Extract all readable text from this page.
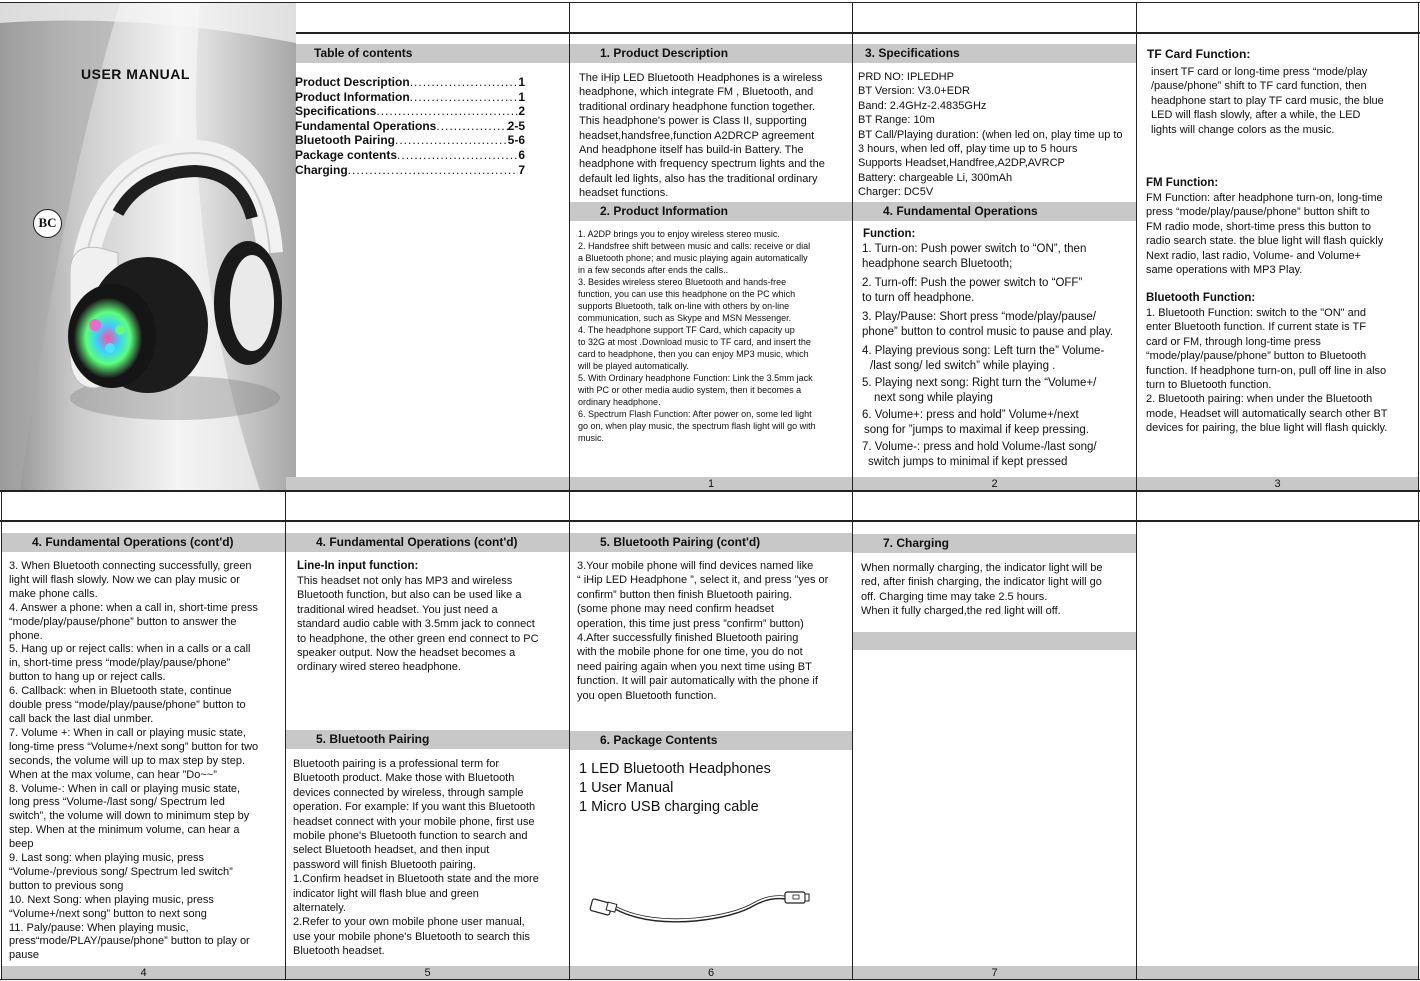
USER MANUAL
BC
1	2	3
4	5	6	7
Table of contents
Product Description .....	1
Product Information .....	1
Specifications .....	2
Fundamental Operations .....	2-5
Bluetooth Pairing .....	5-6
Package contents .....	6
Charging .....	7
1. Product Description
The iHip LED Bluetooth Headphones is a wireless
headphone, which integrate FM , Bluetooth, and
traditional ordinary headphone function together.
This headphone's power is Class II, supporting
headset,handsfree,function A2DRCP agreement
And headphone itself has build-in Battery. The
headphone with frequency spectrum lights and the
default led lights, also has the traditional ordinary
headset functions.
2. Product Information
1. A2DP brings you to enjoy wireless stereo music.
2. Handsfree shift between music and calls: receive or dial
a Bluetooth phone; and music playing again automatically
in a few seconds after ends the calls..
3. Besides wireless stereo Bluetooth and hands-free
function, you can use this headphone on the PC which
supports Bluetooth, talk on-line with others by on-line
communication, such as Skype and MSN Messenger.
4. The headphone support TF Card, which capacity up
to 32G at most .Download music to TF card, and insert the
card to headphone, then you can enjoy MP3 music, which
will be played automatically.
5. With Ordinary headphone Function: Link the 3.5mm jack
with PC or other media audio system, then it becomes a
ordinary headphone.
6. Spectrum Flash Function: After power on, some led light
go on, when play music, the spectrum flash light will go with
music.
3. Specifications
PRD NO: IPLEDHP
BT Version: V3.0+EDR
Band: 2.4GHz-2.4835GHz
BT Range: 10m
BT Call/Playing duration: (when led on, play time up to
3 hours, when led off, play time up to 5 hours
Supports Headset,Handfree,A2DP,AVRCP
Battery: chargeable Li, 300mAh
Charger: DC5V
4. Fundamental Operations
Function:
1. Turn-on: Push power switch to “ON”, then
headphone search Bluetooth;
2. Turn-off: Push the power switch to “OFF”
to turn off headphone.
3. Play/Pause: Short press “mode/play/pause/
phone” button to control music to pause and play.
4. Playing previous song: Left turn the” Volume-
/last song/ led switch” while playing .
5. Playing next song: Right turn the “Volume+/
next song while playing
6. Volume+: press and hold” Volume+/next
song for ”jumps to maximal if keep pressing.
7. Volume-: press and hold Volume-/last song/
switch jumps to minimal if kept pressed
TF Card Function:
insert TF card or long-time press “mode/play
/pause/phone” shift to TF card function, then
headphone start to play TF card music, the blue
LED will flash slowly, after a while, the LED
lights will change colors as the music.
FM Function:
FM Function: after headphone turn-on, long-time
press “mode/play/pause/phone” button shift to
FM radio mode, short-time press this button to
radio search state. the blue light will flash quickly
Next radio, last radio, Volume- and Volume+
same operations with MP3 Play.
Bluetooth Function:
1. Bluetooth Function: switch to the "ON" and
enter Bluetooth function. If current state is TF
card or FM, through long-time press
“mode/play/pause/phone” button to Bluetooth
function. If headphone turn-on, pull off line in also
turn to Bluetooth function.
2. Bluetooth pairing: when under the Bluetooth
mode, Headset will automatically search other BT
devices for pairing, the blue light will flash quickly.
4. Fundamental Operations (cont'd)
3. When Bluetooth connecting successfully, green
light will flash slowly. Now we can play music or
make phone calls.
4. Answer a phone: when a call in, short-time press
“mode/play/pause/phone” button to answer the
phone.
5. Hang up or reject calls: when in a calls or a call
in, short-time press “mode/play/pause/phone”
button to hang up or reject calls.
6. Callback: when in Bluetooth state, continue
double press “mode/play/pause/phone” button to
call back the last dial unmber.
7. Volume +: When in call or playing music state,
long-time press “Volume+/next song” button for two
seconds, the volume will up to max step by step.
When at the max volume, can hear ”Do~~”
8. Volume-: When in call or playing music state,
long press “Volume-/last song/ Spectrum led
switch”, the volume will down to minimum step by
step. When at the minimum volume, can hear a
beep
9. Last song: when playing music, press
“Volume-/previous song/ Spectrum led switch”
button to previous song
10. Next Song: when playing music, press
“Volume+/next song” button to next song
11. Paly/pause: When playing music,
press“mode/PLAY/pause/phone” button to play or
pause
4. Fundamental Operations (cont'd)
Line-In input function:
This headset not only has MP3 and wireless
Bluetooth function, but also can be used like a
traditional wired headset. You just need a
standard audio cable with 3.5mm jack to connect
to headphone, the other green end connect to PC
speaker output. Now the headset becomes a
ordinary wired stereo headphone.
5. Bluetooth Pairing
Bluetooth pairing is a professional term for
Bluetooth product. Make those with Bluetooth
devices connected by wireless, through sample
operation. For example: If you want this Bluetooth
headset connect with your mobile phone, first use
mobile phone's Bluetooth function to search and
select Bluetooth headset, and then input
password will finish Bluetooth pairing.
1.Confirm headset in Bluetooth state and the more
indicator light will flash blue and green
alternately.
2.Refer to your own mobile phone user manual,
use your mobile phone's Bluetooth to search this
Bluetooth headset.
5. Bluetooth Pairing (cont'd)
3.Your mobile phone will find devices named like
“ iHip LED Headphone ”, select it, and press ”yes or
confirm” button then finish Bluetooth pairing.
(some phone may need confirm headset
operation, this time just press ”confirm” button)
4.After successfully finished Bluetooth pairing
with the mobile phone for one time, you do not
need pairing again when you next time using BT
function. It will pair automatically with the phone if
you open Bluetooth function.
6. Package Contents
1 LED Bluetooth Headphones
1 User Manual
1 Micro USB charging cable
7. Charging
When normally charging, the indicator light will be
red, after finish charging, the indicator light will go
off. Charging time may take 2.5 hours.
When it fully charged,the red light will off.
